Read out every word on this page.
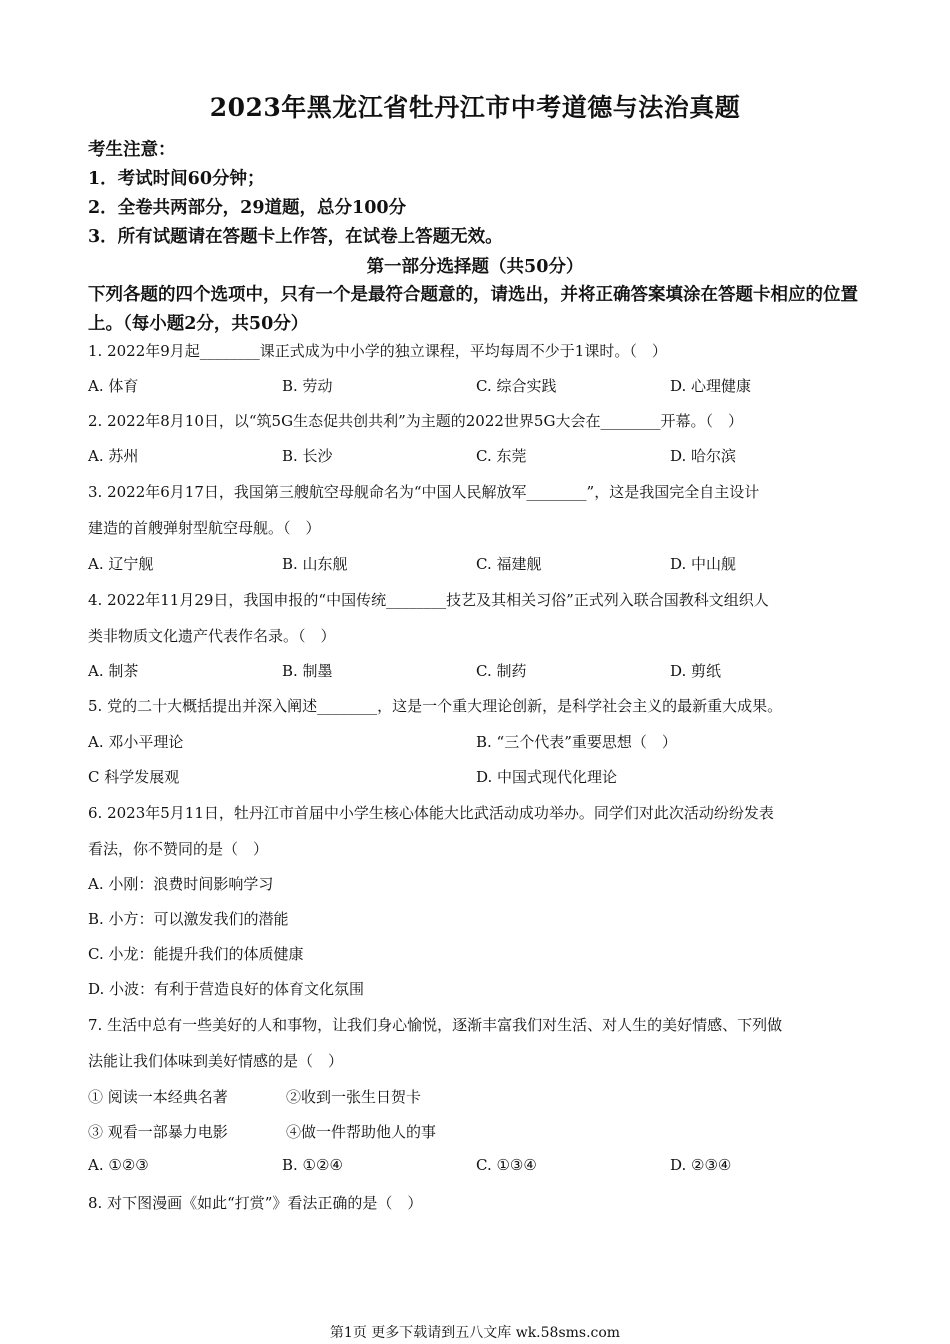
2023年黑龙江省牡丹江市中考道德与法治真题
考生注意：
1．考试时间60分钟；
2．全卷共两部分，29道题，总分100分
3．所有试题请在答题卡上作答，在试卷上答题无效。
第一部分选择题（共50分）
下列各题的四个选项中，只有一个是最符合题意的，请选出，并将正确答案填涂在答题卡相应的位置上。（每小题2分，共50分）
1. 2022年9月起________课正式成为中小学的独立课程，平均每周不少于1课时。（　）
A. 体育	B. 劳动	C. 综合实践	D. 心理健康
2. 2022年8月10日，以“筑5G生态促共创共利”为主题的2022世界5G大会在________开幕。（　）
A. 苏州	B. 长沙	C. 东莞	D. 哈尔滨
3. 2022年6月17日，我国第三艘航空母舰命名为“中国人民解放军________”，这是我国完全自主设计
建造的首艘弹射型航空母舰。（　）
A. 辽宁舰	B. 山东舰	C. 福建舰	D. 中山舰
4. 2022年11月29日，我国申报的“中国传统________技艺及其相关习俗”正式列入联合国教科文组织人
类非物质文化遗产代表作名录。（　）
A. 制茶	B. 制墨	C. 制药	D. 剪纸
5. 党的二十大概括提出并深入阐述________，这是一个重大理论创新，是科学社会主义的最新重大成果。
A. 邓小平理论	B. “三个代表”重要思想（　）
C 科学发展观	D. 中国式现代化理论
6. 2023年5月11日，牡丹江市首届中小学生核心体能大比武活动成功举办。同学们对此次活动纷纷发表
看法，你不赞同的是（　）
A. 小刚：浪费时间影响学习
B. 小方：可以激发我们的潜能
C. 小龙：能提升我们的体质健康
D. 小波：有利于营造良好的体育文化氛围
7. 生活中总有一些美好的人和事物，让我们身心愉悦，逐渐丰富我们对生活、对人生的美好情感、下列做
法能让我们体味到美好情感的是（　）
① 阅读一本经典名著	②收到一张生日贺卡
③ 观看一部暴力电影	④做一件帮助他人的事
A. ①②③	B. ①②④	C. ①③④	D. ②③④
8. 对下图漫画《如此“打赏”》看法正确的是（　）
第1页 更多下载请到五八文库 wk.58sms.com
